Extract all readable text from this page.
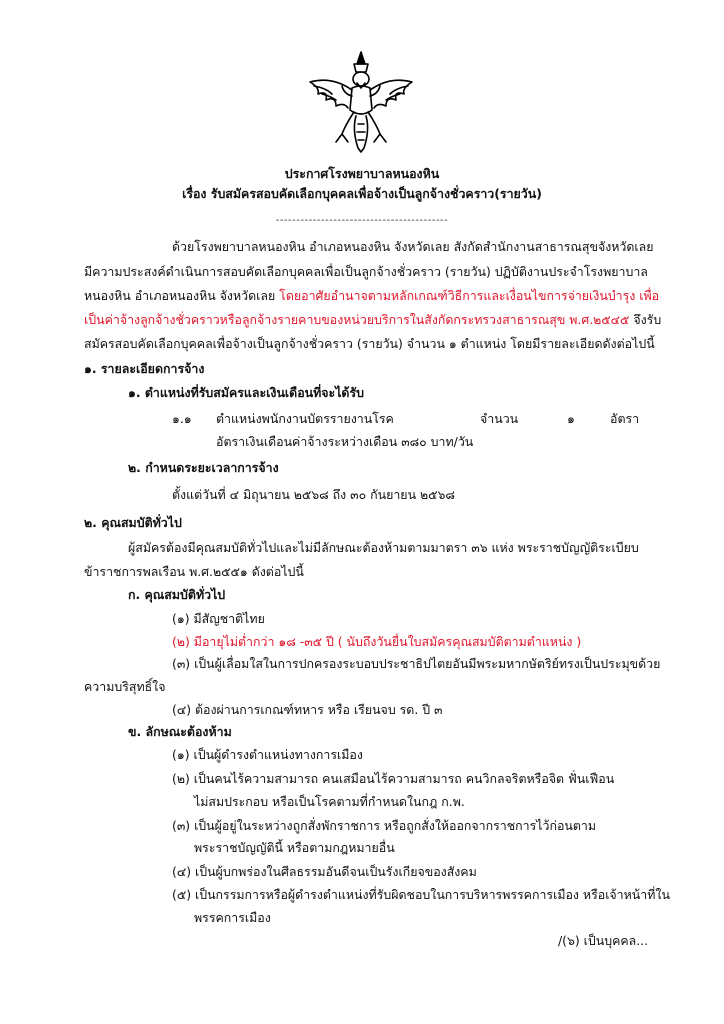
ประกาศโรงพยาบาลหนองหิน
เรื่อง รับสมัครสอบคัดเลือกบุคคลเพื่อจ้างเป็นลูกจ้างชั่วคราว(รายวัน)
------------------------------------------
ด้วยโรงพยาบาลหนองหิน อำเภอหนองหิน จังหวัดเลย สังกัดสำนักงานสาธารณสุขจังหวัดเลย
มีความประสงค์ดำเนินการสอบคัดเลือกบุคคลเพื่อเป็นลูกจ้างชั่วคราว (รายวัน) ปฏิบัติงานประจำโรงพยาบาล
หนองหิน อำเภอหนองหิน จังหวัดเลย โดยอาศัยอำนาจตามหลักเกณฑ์วิธีการและเงื่อนไขการจ่ายเงินบำรุง เพื่อ
เป็นค่าจ้างลูกจ้างชั่วคราวหรือลูกจ้างรายคาบของหน่วยบริการในสังกัดกระทรวงสาธารณสุข พ.ศ.๒๕๔๕ จึงรับ
สมัครสอบคัดเลือกบุคคลเพื่อจ้างเป็นลูกจ้างชั่วคราว (รายวัน) จำนวน ๑ ตำแหน่ง โดยมีรายละเอียดดังต่อไปนี้
๑. รายละเอียดการจ้าง
๑. ตำแหน่งที่รับสมัครและเงินเดือนที่จะได้รับ
๑.๑ ตำแหน่งพนักงานบัตรรายงานโรค	จำนวน	๑	อัตรา
อัตราเงินเดือนค่าจ้างระหว่างเดือน ๓๘๐ บาท/วัน
๒. กำหนดระยะเวลาการจ้าง
ตั้งแต่วันที่ ๔ มิถุนายน ๒๕๖๘ ถึง ๓๐ กันยายน ๒๕๖๘
๒. คุณสมบัติทั่วไป
ผู้สมัครต้องมีคุณสมบัติทั่วไปและไม่มีลักษณะต้องห้ามตามมาตรา ๓๖ แห่ง พระราชบัญญัติระเบียบ
ข้าราชการพลเรือน พ.ศ.๒๕๕๑ ดังต่อไปนี้
ก. คุณสมบัติทั่วไป
(๑) มีสัญชาติไทย
(๒) มีอายุไม่ต่ำกว่า ๑๘ -๓๕ ปี ( นับถึงวันยื่นใบสมัครคุณสมบัติตามตำแหน่ง )
(๓) เป็นผู้เลื่อมใสในการปกครองระบอบประชาธิปไตยอันมีพระมหากษัตริย์ทรงเป็นประมุขด้วย
ความบริสุทธิ์ใจ
(๔) ต้องผ่านการเกณฑ์ทหาร หรือ เรียนจบ รด. ปี ๓
ข. ลักษณะต้องห้าม
(๑) เป็นผู้ดำรงตำแหน่งทางการเมือง
(๒) เป็นคนไร้ความสามารถ คนเสมือนไร้ความสามารถ คนวิกลจริตหรือจิต ฟั่นเฟือน
ไม่สมประกอบ หรือเป็นโรคตามที่กำหนดในกฎ ก.พ.
(๓) เป็นผู้อยู่ในระหว่างถูกสั่งพักราชการ หรือถูกสั่งให้ออกจากราชการไว้ก่อนตาม
พระราชบัญญัตินี้ หรือตามกฎหมายอื่น
(๔) เป็นผู้บกพร่องในศีลธรรมอันดีจนเป็นรังเกียจของสังคม
(๕) เป็นกรรมการหรือผู้ดำรงตำแหน่งที่รับผิดชอบในการบริหารพรรคการเมือง หรือเจ้าหน้าที่ใน
พรรคการเมือง
/(๖) เป็นบุคคล...
